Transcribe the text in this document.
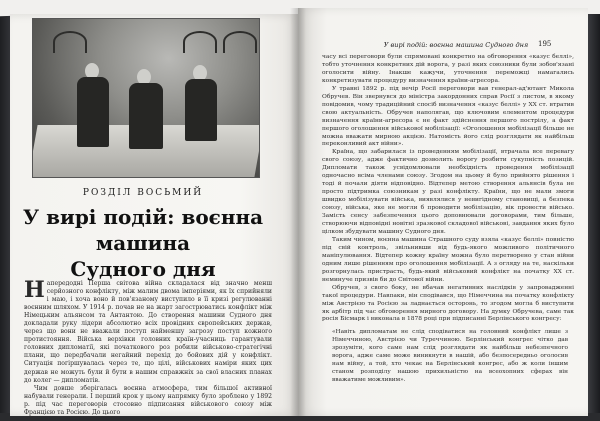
РОЗДІЛ ВОСЬМИЙ
У вирі подій: воєнна машина
Судного дня

Напередодні Перша світова війна складалася від значно менш серйозного конфлікту, між малим двома імперіями, як їх сприйняли і маю, і хоча воно й пов'язаному виступило в її кризі регулюванні воєнним шляхом. У 1914 р. почав не на жарт загострюватись конфлікт між Німецьким альянсом та Антантою. До створення машини Судного дня докладали руку лідери абсолютно всіх провідних європейських держав, через що вони не вважали поступ найменшу загрозу поступ кожного протистояння. Війська верхівки головних країн-учасниць гарантували головних дипломатії, які початкового роз робили військово-стратегічні плани, що передбачали негайний перехід до бойових дій у конфлікт. Ситуація погіршувалась через те, що цілі, військових наміри яких цих держав не можуть були й бути в нашим справжніх за свої власних планах до колег — дипломатів.

Чим довше зберігалась воєнна атмосфера, тим більшої активної набували генерали. І перший крок у цьому напрямку було зроблено у 1892 р. під час переговорів стосовно підписання військового союзу між Францією та Росією. До цього

У вирі подій: воєнна машина Судного дня	195

часу всі переговори були спрямовані конкретно на обговорення «казус беллі», тобто уточнення конкретних дій ворога, у разі яких союзники були зобов'язані оголосити війну. Інакше кажучи, уточнення переможці намагались конкретизувати процедуру визначення країни-агресора.

У травні 1892 р. під вечір Росії переговори вав генерал-ад'ютант Микола Обручев. Він звернувся до міністра закордонних справ Росії з листом, в якому повідомив, чому традиційний спосіб визначення «казус беллі» у XX ст. втратив свою актуальність. Обручев наполягав, що ключовим елементом процедури визначення країни-агресора є не факт здійснення першого пострілу, а факт першого оголошення військової мобілізації: «Оголошення мобілізації більше не можна вважати мирною акцією. Натомість його слід розглядати як найбільш переконливий акт війни».

Країна, що забарилася із проведенням мобілізації, втрачала все перевагу свого союзу, адже фактично дозволить ворогу розбити сукупність позицій. Дипломати також усвідомлювали необхідність проведення мобілізації одночасно всіма членами союзу. Згодом на цьому й було прийнято рішення і тоді й почали діяти відповідно. Відтепер метою створення альянсів була не просто підтримка союзникам у разі конфлікту. Країни, що не мали змоги швидко мобілізувати війська, виявлялися у невигідному становищі, а безпека союзу, війська, яке не могли б проводити мобілізацію, вік провести військо. Замість сенсу забезпечення цього доповнювали договорами, тим більше, створюючи відповідні новітні зразкової складової військові, завдання яких було цілком збудувати машину Судного дня.

Таким чином, воєнна машина Страшного суду взяла «казус беллі» повністю під свій контроль, звільнивши від будь-якого можливого політичного маніпулювання. Відтепер кожну країну можна було перетворено у стан війни одним лише рішенням про оголошення мобілізації. А з огляду на те, наскільки розгорнулась пристрасть, будь-який військовий конфлікт на початку XX ст. неминуче призвів би до Світової війни.

Обручев, з свого боку, не вбачав негативних наслідків у запровадженні такої процедури. Навпаки, він сподівався, що Німеччина на початку конфлікту між Австрією та Росією за ладнається осторонь, то згодом могла б виступити як арбітр під час обговорення мирного договору. На думку Обручева, саме так росія Бісмарк і виконала в 1878 році при підписанні Берлінського конгресу:

«Навіть дипломатам не слід сподіватися на головний конфлікт лише з Німеччиною, Австрією чи Туреччиною. Берлінський конгрес чітко дав зрозуміти, кого саме нам слід розглядати як найбільш небезпечного ворога, адже саме може виникнути в нашій, або безпосередньо оголосив нам війну, а той, хто чекає на Берлінський конгрес, або ж коли іншим станом розподілу нашою прихильністю на всеохопних сферах він вважатиме можливим».
